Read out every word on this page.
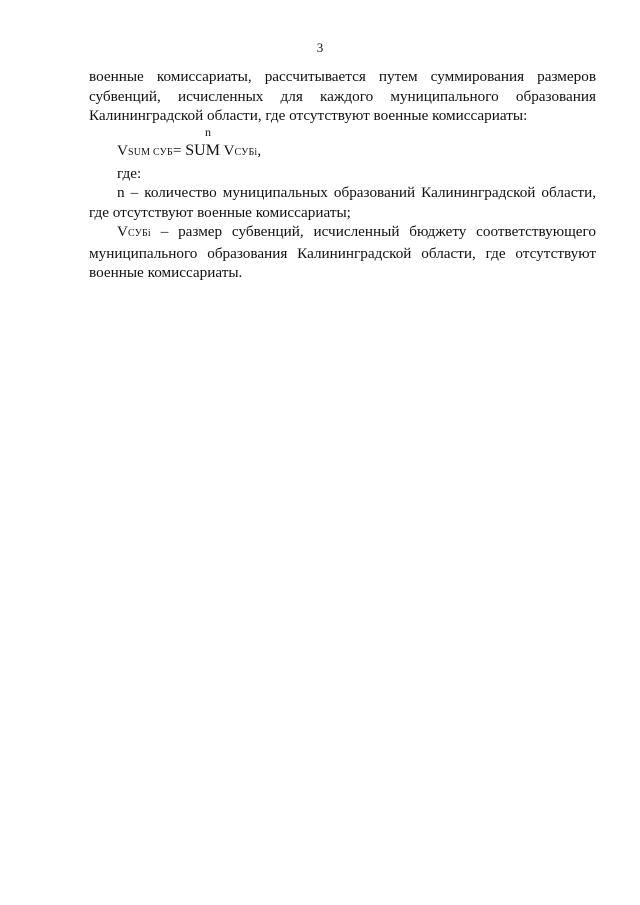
3

военные комиссариаты, рассчитывается путем суммирования размеров субвенций, исчисленных для каждого муниципального образования Калининградской области, где отсутствуют военные комиссариаты:

n
VSUM СУБ= SUM VСУБi,

где:

n – количество муниципальных образований Калининградской области, где отсутствуют военные комиссариаты;

VСУБi – размер субвенций, исчисленный бюджету соответствующего муниципального образования Калининградской области, где отсутствуют военные комиссариаты.
